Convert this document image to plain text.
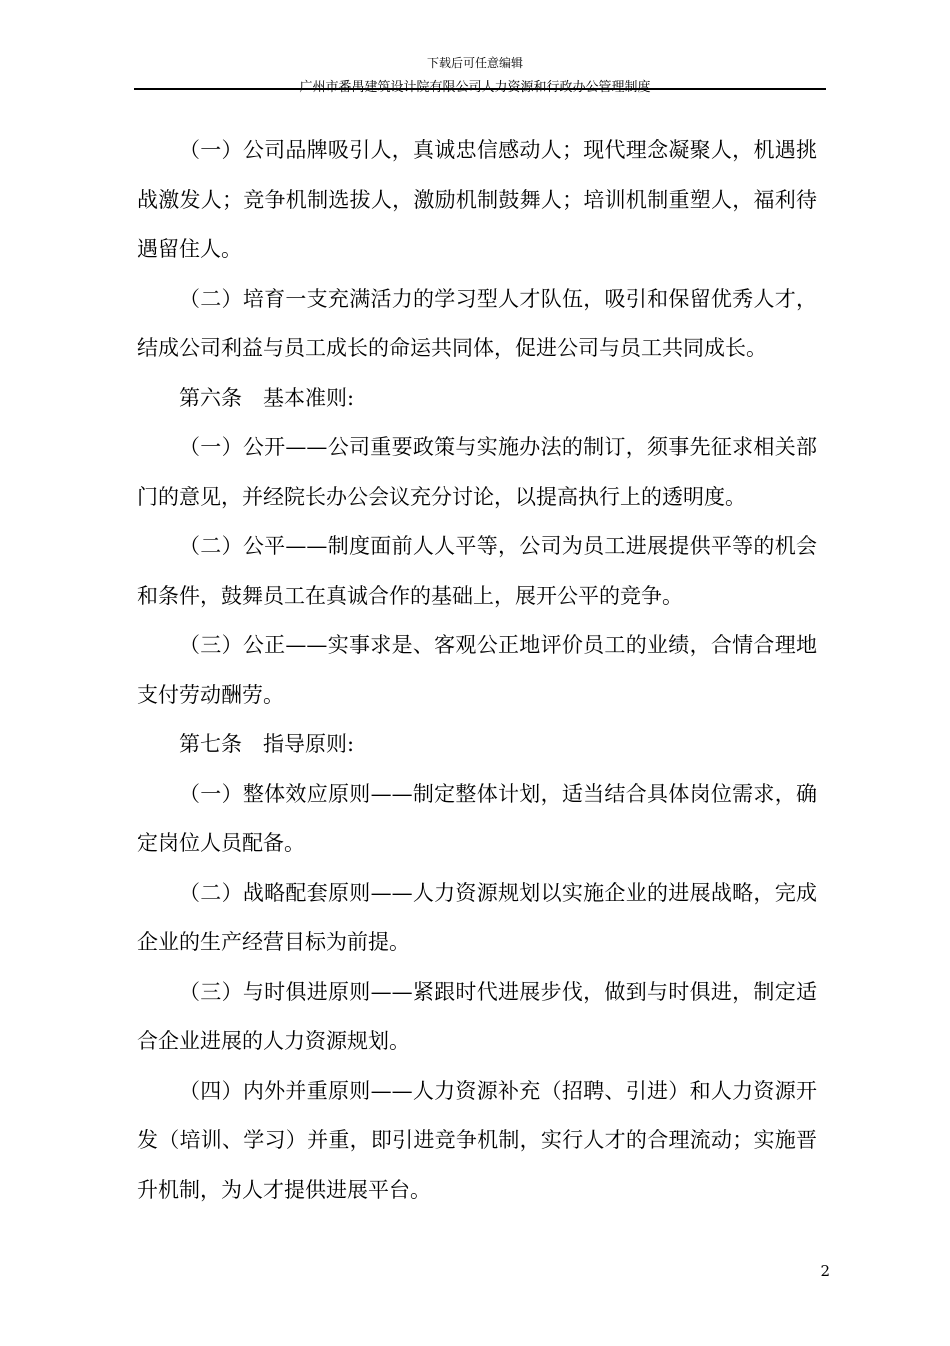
下载后可任意编辑
广州市番禺建筑设计院有限公司人力资源和行政办公管理制度

（一）公司品牌吸引人，真诚忠信感动人；现代理念凝聚人，机遇挑战激发人；竞争机制选拔人，激励机制鼓舞人；培训机制重塑人，福利待遇留住人。

（二）培育一支充满活力的学习型人才队伍，吸引和保留优秀人才，结成公司利益与员工成长的命运共同体，促进公司与员工共同成长。

第六条　基本准则:

（一）公开——公司重要政策与实施办法的制订，须事先征求相关部门的意见，并经院长办公会议充分讨论，以提高执行上的透明度。

（二）公平——制度面前人人平等，公司为员工进展提供平等的机会和条件，鼓舞员工在真诚合作的基础上，展开公平的竞争。

（三）公正——实事求是、客观公正地评价员工的业绩，合情合理地支付劳动酬劳。

第七条　指导原则:

（一）整体效应原则——制定整体计划，适当结合具体岗位需求，确定岗位人员配备。

（二）战略配套原则——人力资源规划以实施企业的进展战略，完成企业的生产经营目标为前提。

（三）与时俱进原则——紧跟时代进展步伐，做到与时俱进，制定适合企业进展的人力资源规划。

（四）内外并重原则——人力资源补充（招聘、引进）和人力资源开发（培训、学习）并重，即引进竞争机制，实行人才的合理流动；实施晋升机制，为人才提供进展平台。

2
